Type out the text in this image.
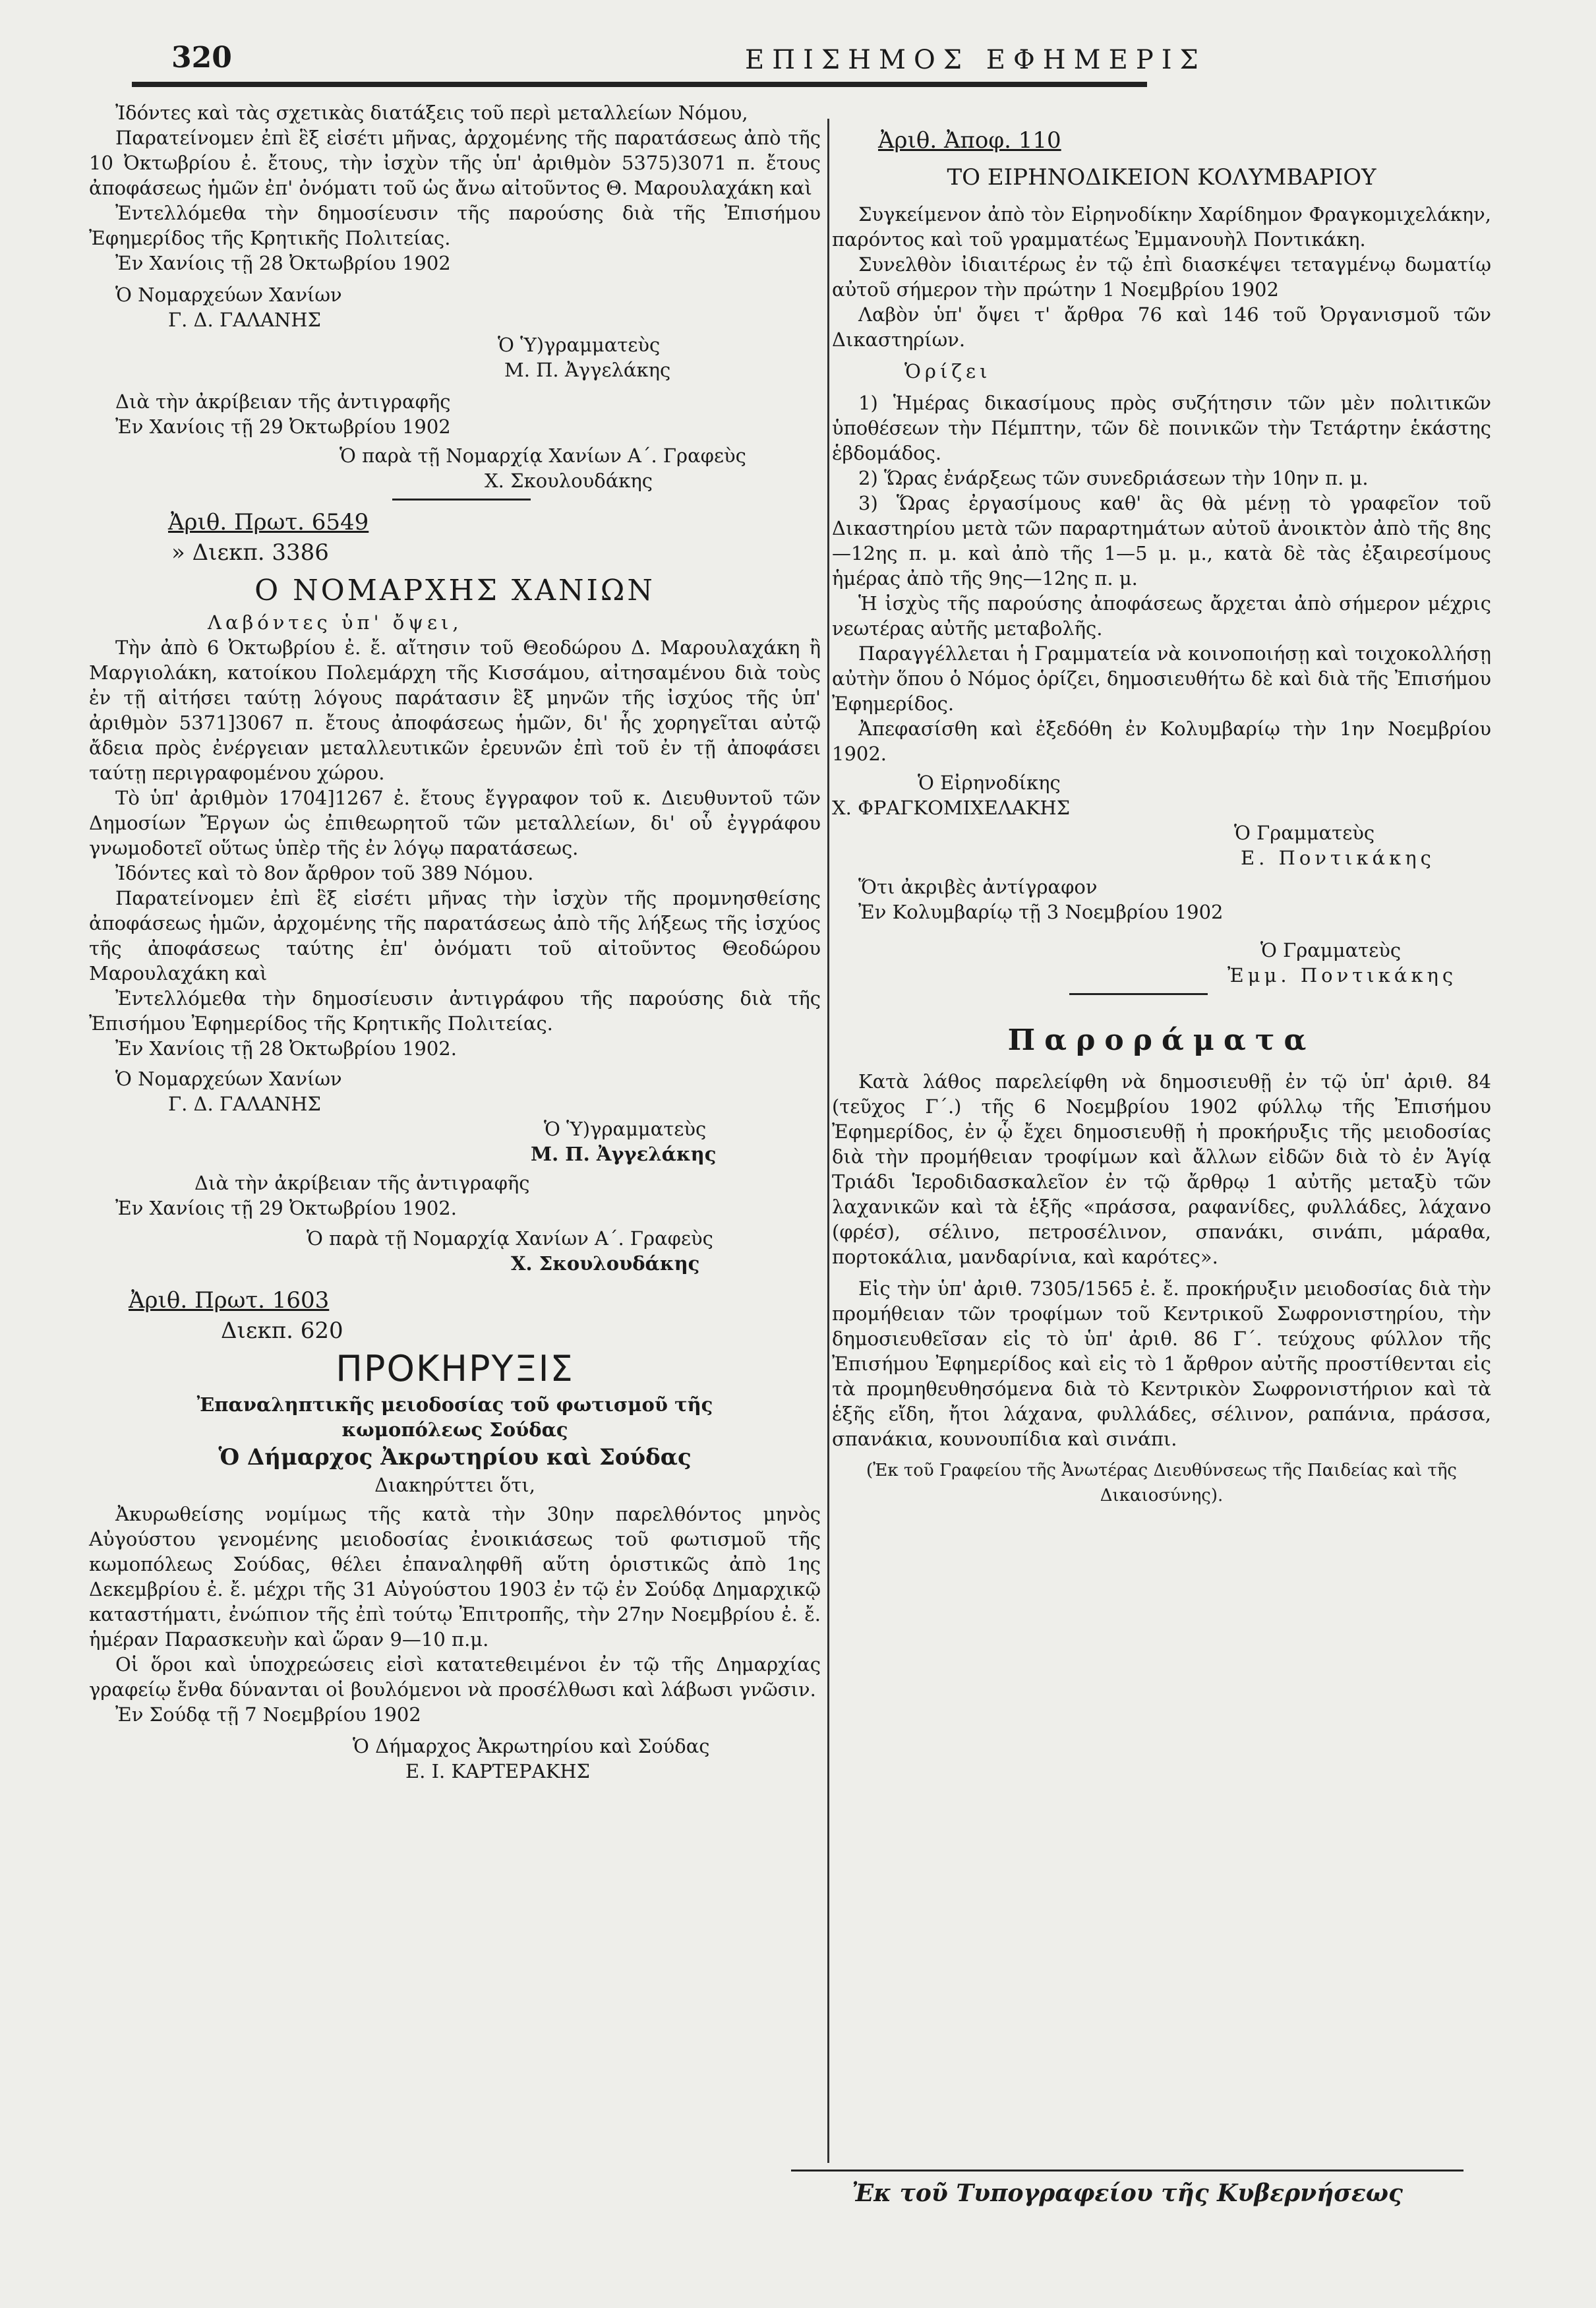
320	ΕΠΙΣΗΜΟΣ ΕΦΗΜΕΡΙΣ

Ἰδόντες καὶ τὰς σχετικὰς διατάξεις τοῦ περὶ μεταλλείων Νόμου,

Παρατείνομεν ἐπὶ ἓξ εἰσέτι μῆνας, ἀρχομένης τῆς παρατάσεως ἀπὸ τῆς 10 Ὀκτωβρίου ἐ. ἔτους, τὴν ἰσχὺν τῆς ὑπ' ἀριθμὸν 5375)3071 π. ἔτους ἀποφάσεως ἡμῶν ἐπ' ὀνόματι τοῦ ὡς ἄνω αἰτοῦντος Θ. Μαρουλαχάκη καὶ

Ἐντελλόμεθα τὴν δημοσίευσιν τῆς παρούσης διὰ τῆς Ἐπισήμου Ἐφημερίδος τῆς Κρητικῆς Πολιτείας.

Ἐν Χανίοις τῇ 28 Ὀκτωβρίου 1902

Ὁ Νομαρχεύων Χανίων

Γ. Δ. ΓΑΛΑΝΗΣ

Ὁ Ὑ)γραμματεὺς

Μ. Π. Ἀγγελάκης

Διὰ τὴν ἀκρίβειαν τῆς ἀντιγραφῆς

Ἐν Χανίοις τῇ 29 Ὀκτωβρίου 1902

Ὁ παρὰ τῇ Νομαρχίᾳ Χανίων Α΄. Γραφεὺς

Χ. Σκουλουδάκης

Ἀριθ. Πρωτ. 6549

» Διεκπ. 3386

Ο ΝΟΜΑΡΧΗΣ ΧΑΝΙΩΝ

Λαβόντες ὑπ' ὄψει,

Τὴν ἀπὸ 6 Ὀκτωβρίου ἐ. ἔ. αἴτησιν τοῦ Θεοδώρου Δ. Μαρουλαχάκη ἢ Μαργιολάκη, κατοίκου Πολεμάρχη τῆς Κισσάμου, αἰτησαμένου διὰ τοὺς ἐν τῇ αἰτήσει ταύτῃ λόγους παράτασιν ἓξ μηνῶν τῆς ἰσχύος τῆς ὑπ' ἀριθμὸν 5371]3067 π. ἔτους ἀποφάσεως ἡμῶν, δι' ἧς χορηγεῖται αὐτῷ ἄδεια πρὸς ἐνέργειαν μεταλλευτικῶν ἐρευνῶν ἐπὶ τοῦ ἐν τῇ ἀποφάσει ταύτῃ περιγραφομένου χώρου.

Τὸ ὑπ' ἀριθμὸν 1704]1267 ἐ. ἔτους ἔγγραφον τοῦ κ. Διευθυντοῦ τῶν Δημοσίων Ἔργων ὡς ἐπιθεωρητοῦ τῶν μεταλλείων, δι' οὗ ἐγγράφου γνωμοδοτεῖ οὕτως ὑπὲρ τῆς ἐν λόγῳ παρατάσεως.

Ἰδόντες καὶ τὸ 8ον ἄρθρον τοῦ 389 Νόμου.

Παρατείνομεν ἐπὶ ἓξ εἰσέτι μῆνας τὴν ἰσχὺν τῆς προμνησθείσης ἀποφάσεως ἡμῶν, ἀρχομένης τῆς παρατάσεως ἀπὸ τῆς λήξεως τῆς ἰσχύος τῆς ἀποφάσεως ταύτης ἐπ' ὀνόματι τοῦ αἰτοῦντος Θεοδώρου Μαρουλαχάκη καὶ

Ἐντελλόμεθα τὴν δημοσίευσιν ἀντιγράφου τῆς παρούσης διὰ τῆς Ἐπισήμου Ἐφημερίδος τῆς Κρητικῆς Πολιτείας.

Ἐν Χανίοις τῇ 28 Ὀκτωβρίου 1902.

Ὁ Νομαρχεύων Χανίων

Γ. Δ. ΓΑΛΑΝΗΣ

Ὁ Ὑ)γραμματεὺς

Μ. Π. Ἀγγελάκης

Διὰ τὴν ἀκρίβειαν τῆς ἀντιγραφῆς

Ἐν Χανίοις τῇ 29 Ὀκτωβρίου 1902.

Ὁ παρὰ τῇ Νομαρχίᾳ Χανίων Α΄. Γραφεὺς

Χ. Σκουλουδάκης

Ἀριθ. Πρωτ. 1603

Διεκπ. 620

ΠΡΟΚΗΡΥΞΙΣ

Ἐπαναληπτικῆς μειοδοσίας τοῦ φωτισμοῦ τῆς κωμοπόλεως Σούδας

Ὁ Δήμαρχος Ἀκρωτηρίου καὶ Σούδας

Διακηρύττει ὅτι,

Ἀκυρωθείσης νομίμως τῆς κατὰ τὴν 30ην παρελθόντος μηνὸς Αὐγούστου γενομένης μειοδοσίας ἐνοικιάσεως τοῦ φωτισμοῦ τῆς κωμοπόλεως Σούδας, θέλει ἐπαναληφθῆ αὕτη ὁριστικῶς ἀπὸ 1ης Δεκεμβρίου ἐ. ἔ. μέχρι τῆς 31 Αὐγούστου 1903 ἐν τῷ ἐν Σούδᾳ Δημαρχικῷ καταστήματι, ἐνώπιον τῆς ἐπὶ τούτῳ Ἐπιτροπῆς, τὴν 27ην Νοεμβρίου ἐ. ἔ. ἡμέραν Παρασκευὴν καὶ ὥραν 9—10 π.μ.

Οἱ ὅροι καὶ ὑποχρεώσεις εἰσὶ κατατεθειμένοι ἐν τῷ τῆς Δημαρχίας γραφείῳ ἔνθα δύνανται οἱ βουλόμενοι νὰ προσέλθωσι καὶ λάβωσι γνῶσιν.

Ἐν Σούδᾳ τῇ 7 Νοεμβρίου 1902

Ὁ Δήμαρχος Ἀκρωτηρίου καὶ Σούδας

Ε. Ι. ΚΑΡΤΕΡΑΚΗΣ

Ἀριθ. Ἀποφ. 110

ΤΟ ΕΙΡΗΝΟΔΙΚΕΙΟΝ ΚΟΛΥΜΒΑΡΙΟΥ

Συγκείμενον ἀπὸ τὸν Εἰρηνοδίκην Χαρίδημον Φραγκομιχελάκην, παρόντος καὶ τοῦ γραμματέως Ἐμμανουὴλ Ποντικάκη.

Συνελθὸν ἰδιαιτέρως ἐν τῷ ἐπὶ διασκέψει τεταγμένῳ δωματίῳ αὐτοῦ σήμερον τὴν πρώτην 1 Νοεμβρίου 1902

Λαβὸν ὑπ' ὄψει τ' ἄρθρα 76 καὶ 146 τοῦ Ὀργανισμοῦ τῶν Δικαστηρίων.

Ὁρίζει

1) Ἡμέρας δικασίμους πρὸς συζήτησιν τῶν μὲν πολιτικῶν ὑποθέσεων τὴν Πέμπτην, τῶν δὲ ποινικῶν τὴν Τετάρτην ἑκάστης ἑβδομάδος.

2) Ὥρας ἐνάρξεως τῶν συνεδριάσεων τὴν 10ην π. μ.

3) Ὥρας ἐργασίμους καθ' ἃς θὰ μένῃ τὸ γραφεῖον τοῦ Δικαστηρίου μετὰ τῶν παραρτημάτων αὐτοῦ ἀνοικτὸν ἀπὸ τῆς 8ης —12ης π. μ. καὶ ἀπὸ τῆς 1—5 μ. μ., κατὰ δὲ τὰς ἐξαιρεσίμους ἡμέρας ἀπὸ τῆς 9ης—12ης π. μ.

Ἡ ἰσχὺς τῆς παρούσης ἀποφάσεως ἄρχεται ἀπὸ σήμερον μέχρις νεωτέρας αὐτῆς μεταβολῆς.

Παραγγέλλεται ἡ Γραμματεία νὰ κοινοποιήσῃ καὶ τοιχοκολλήσῃ αὐτὴν ὅπου ὁ Νόμος ὁρίζει, δημοσιευθήτω δὲ καὶ διὰ τῆς Ἐπισήμου Ἐφημερίδος.

Ἀπεφασίσθη καὶ ἐξεδόθη ἐν Κολυμβαρίῳ τὴν 1ην Νοεμβρίου 1902.

Ὁ Εἰρηνοδίκης

Χ. ΦΡΑΓΚΟΜΙΧΕΛΑΚΗΣ

Ὁ Γραμματεὺς

Ε. Ποντικάκης

Ὅτι ἀκριβὲς ἀντίγραφον

Ἐν Κολυμβαρίῳ τῇ 3 Νοεμβρίου 1902

Ὁ Γραμματεὺς

Ἐμμ. Ποντικάκης

Παροράματα

Κατὰ λάθος παρελείφθη νὰ δημοσιευθῇ ἐν τῷ ὑπ' ἀριθ. 84 (τεῦχος Γ΄.) τῆς 6 Νοεμβρίου 1902 φύλλῳ τῆς Ἐπισήμου Ἐφημερίδος, ἐν ᾧ ἔχει δημοσιευθῇ ἡ προκήρυξις τῆς μειοδοσίας διὰ τὴν προμήθειαν τροφίμων καὶ ἄλλων εἰδῶν διὰ τὸ ἐν Ἁγίᾳ Τριάδι Ἱεροδιδασκαλεῖον ἐν τῷ ἄρθρῳ 1 αὐτῆς μεταξὺ τῶν λαχανικῶν καὶ τὰ ἑξῆς «πράσσα, ραφανίδες, φυλλάδες, λάχανο (φρέσ), σέλινο, πετροσέλινον, σπανάκι, σινάπι, μάραθα, πορτοκάλια, μανδαρίνια, καὶ καρότες».

Εἰς τὴν ὑπ' ἀριθ. 7305/1565 ἐ. ἔ. προκήρυξιν μειοδοσίας διὰ τὴν προμήθειαν τῶν τροφίμων τοῦ Κεντρικοῦ Σωφρονιστηρίου, τὴν δημοσιευθεῖσαν εἰς τὸ ὑπ' ἀριθ. 86 Γ΄. τεύχους φύλλον τῆς Ἐπισήμου Ἐφημερίδος καὶ εἰς τὸ 1 ἄρθρον αὐτῆς προστίθενται εἰς τὰ προμηθευθησόμενα διὰ τὸ Κεντρικὸν Σωφρονιστήριον καὶ τὰ ἑξῆς εἴδη, ἤτοι λάχανα, φυλλάδες, σέλινον, ραπάνια, πράσσα, σπανάκια, κουνουπίδια καὶ σινάπι.

(Ἐκ τοῦ Γραφείου τῆς Ἀνωτέρας Διευθύνσεως τῆς Παιδείας καὶ τῆς Δικαιοσύνης).

Ἐκ τοῦ Τυπογραφείου τῆς Κυβερνήσεως
